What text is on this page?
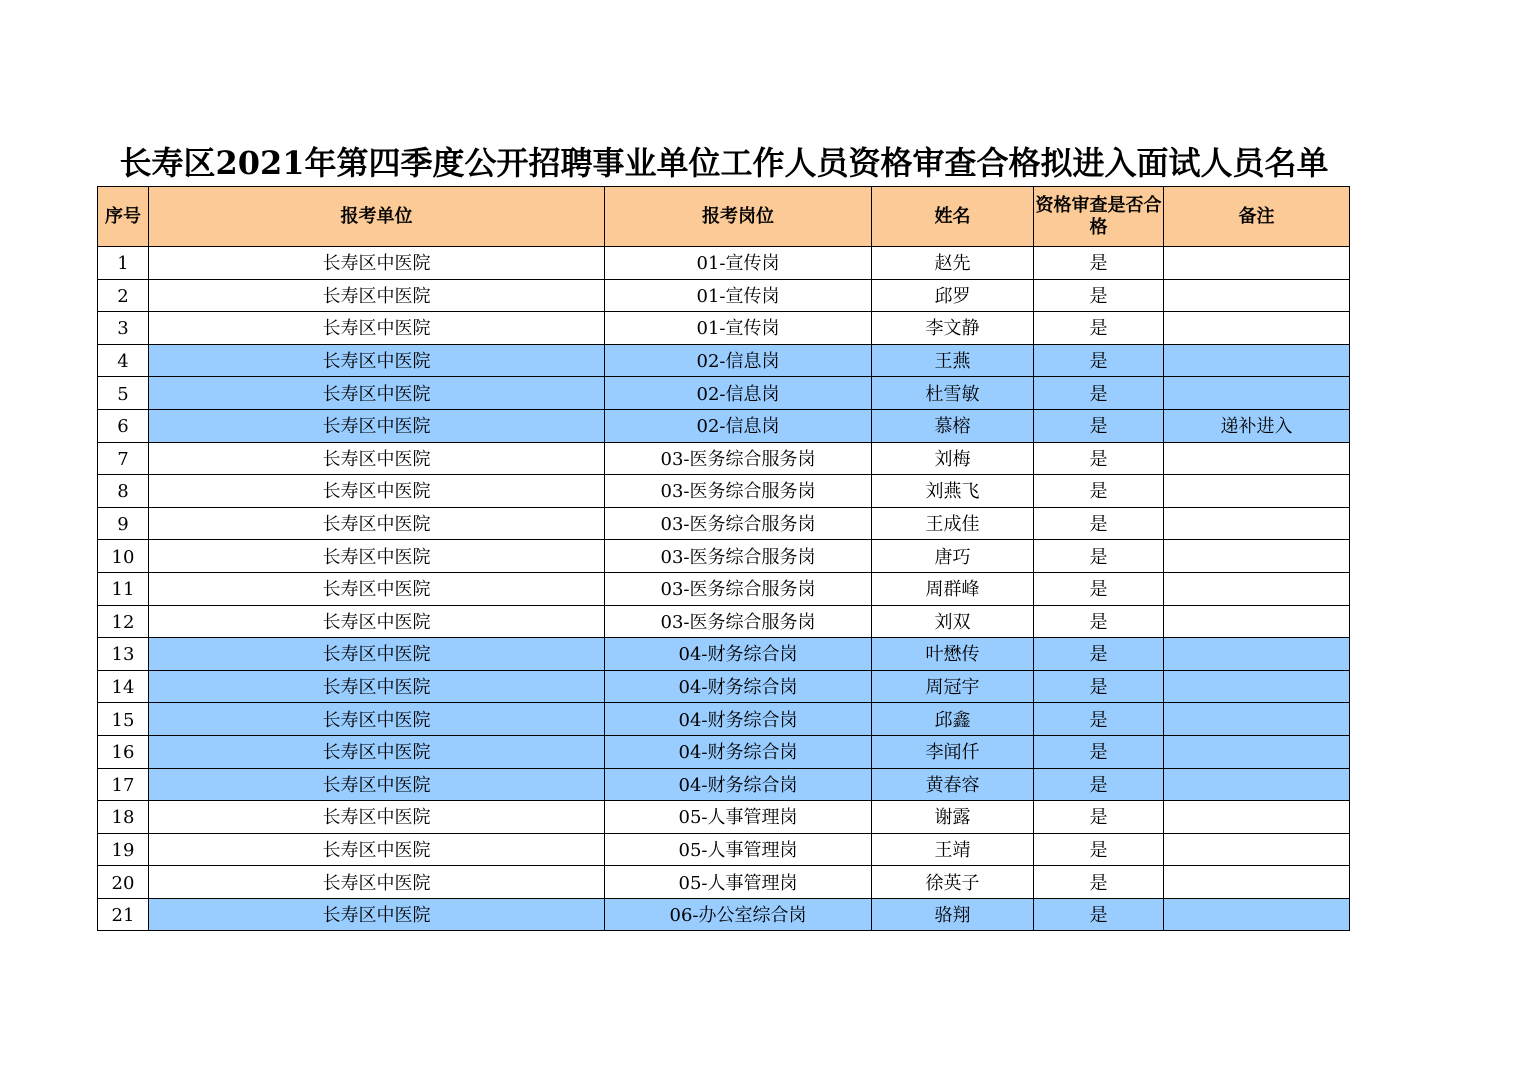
长寿区2021年第四季度公开招聘事业单位工作人员资格审查合格拟进入面试人员名单
序号	报考单位	报考岗位	姓名	资格审查是否合格	备注
1	长寿区中医院	01-宣传岗	赵先	是	
2	长寿区中医院	01-宣传岗	邱罗	是	
3	长寿区中医院	01-宣传岗	李文静	是	
4	长寿区中医院	02-信息岗	王燕	是	
5	长寿区中医院	02-信息岗	杜雪敏	是	
6	长寿区中医院	02-信息岗	慕榕	是	递补进入
7	长寿区中医院	03-医务综合服务岗	刘梅	是	
8	长寿区中医院	03-医务综合服务岗	刘燕飞	是	
9	长寿区中医院	03-医务综合服务岗	王成佳	是	
10	长寿区中医院	03-医务综合服务岗	唐巧	是	
11	长寿区中医院	03-医务综合服务岗	周群峰	是	
12	长寿区中医院	03-医务综合服务岗	刘双	是	
13	长寿区中医院	04-财务综合岗	叶懋传	是	
14	长寿区中医院	04-财务综合岗	周冠宇	是	
15	长寿区中医院	04-财务综合岗	邱鑫	是	
16	长寿区中医院	04-财务综合岗	李闻仟	是	
17	长寿区中医院	04-财务综合岗	黄春容	是	
18	长寿区中医院	05-人事管理岗	谢露	是	
19	长寿区中医院	05-人事管理岗	王靖	是	
20	长寿区中医院	05-人事管理岗	徐英子	是	
21	长寿区中医院	06-办公室综合岗	骆翔	是	
